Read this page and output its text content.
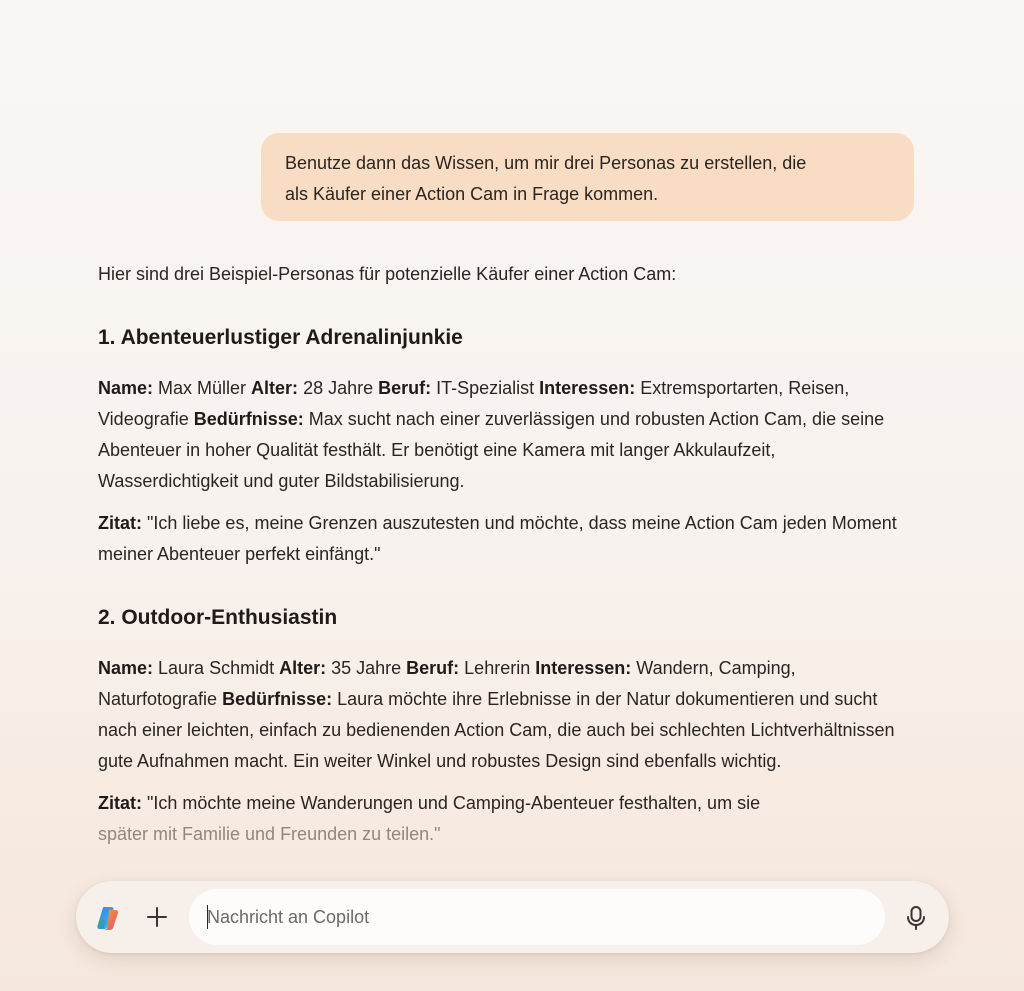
Benutze dann das Wissen, um mir drei Personas zu erstellen, die
als Käufer einer Action Cam in Frage kommen.

Hier sind drei Beispiel-Personas für potenzielle Käufer einer Action Cam:

1. Abenteuerlustiger Adrenalinjunkie

Name: Max Müller Alter: 28 Jahre Beruf: IT-Spezialist Interessen: Extremsportarten, Reisen, Videografie Bedürfnisse: Max sucht nach einer zuverlässigen und robusten Action Cam, die seine Abenteuer in hoher Qualität festhält. Er benötigt eine Kamera mit langer Akkulaufzeit, Wasserdichtigkeit und guter Bildstabilisierung.

Zitat: "Ich liebe es, meine Grenzen auszutesten und möchte, dass meine Action Cam jeden Moment meiner Abenteuer perfekt einfängt."

2. Outdoor-Enthusiastin

Name: Laura Schmidt Alter: 35 Jahre Beruf: Lehrerin Interessen: Wandern, Camping, Naturfotografie Bedürfnisse: Laura möchte ihre Erlebnisse in der Natur dokumentieren und sucht nach einer leichten, einfach zu bedienenden Action Cam, die auch bei schlechten Lichtverhältnissen gute Aufnahmen macht. Ein weiter Winkel und robustes Design sind ebenfalls wichtig.

Zitat: "Ich möchte meine Wanderungen und Camping-Abenteuer festhalten, um sie
später mit Familie und Freunden zu teilen."

Nachricht an Copilot
